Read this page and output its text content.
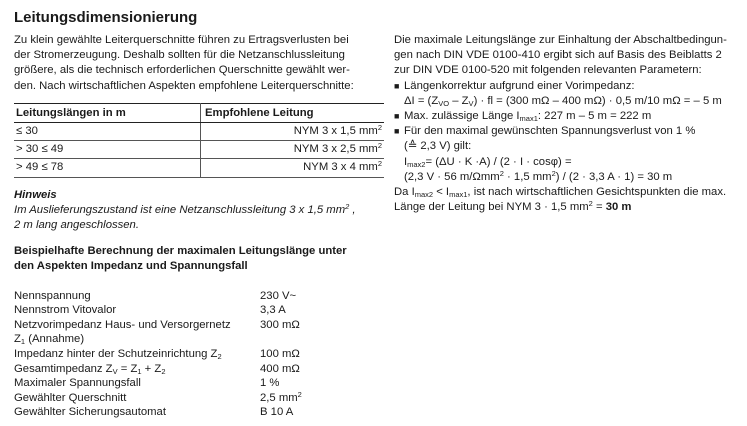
Leitungsdimensionierung

Zu klein gewählte Leiterquerschnitte führen zu Ertragsverlusten bei

der Stromerzeugung. Deshalb sollten für die Netzanschlussleitung

größere, als die technisch erforderlichen Querschnitte gewählt wer-

den. Nach wirtschaftlichen Aspekten empfohlene Leiterquerschnitte:

Leitungslängen in m	Empfohlene Leitung
≤ 30	NYM 3 x 1,5 $mm^2$
> 30 ≤ 49	NYM 3 x 2,5 $mm^2$
> 49 ≤ 78	NYM 3 x 4 $mm^2$

Hinweis

Im Auslieferungszustand ist eine Netzanschlussleitung 3 x 1,5 $mm^2$ ,

2 m lang angeschlossen.

Beispielhafte Berechnung der maximalen Leitungslänge unter

den Aspekten Impedanz und Spannungsfall

Nennspannung	230 V~
Nennstrom Vitovalor	3,3 A
Netzvorimpedanz Haus- und Versorgernetz	300 mΩ
$Z_1$ (Annahme)
Impedanz hinter der Schutzeinrichtung $Z_2$	100 mΩ
Gesamtimpedanz $Z_V = Z_1 + Z_2$	400 mΩ
Maximaler Spannungsfall	1 %
Gewählter Querschnitt	2,5 $mm^2$
Gewählter Sicherungsautomat	B 10 A

Die maximale Leitungslänge zur Einhaltung der Abschaltbedingun-

gen nach DIN VDE 0100-410 ergibt sich auf Basis des Beiblatts 2

zur DIN VDE 0100-520 mit folgenden relevanten Parametern:

■ Längenkorrektur aufgrund einer Vorimpedanz:
$\Delta I = (Z_{VO} - Z_V)$ · fl = (300 mΩ – 400 mΩ) · 0,5 m/10 mΩ = – 5 m
■ Max. zulässige Länge $I_{max1}$: 227 m – 5 m = 222 m
■ Für den maximal gewünschten Spannungsverlust von 1 %
(≙ 2,3 V) gilt:
$I_{max2}= (\Delta U \cdot K \cdot A) / (2 \cdot I \cdot \cos\varphi)$ =
(2,3 V · 56 m/Ωmm$^2$ · 1,5 $mm^2) / (2 \cdot 3,3$ A · 1) = 30 m
Da $I_{max2} < I_{max1}$, ist nach wirtschaftlichen Gesichtspunkten die max.
Länge der Leitung bei NYM 3 · 1,5 $mm^2 = 30$ m
